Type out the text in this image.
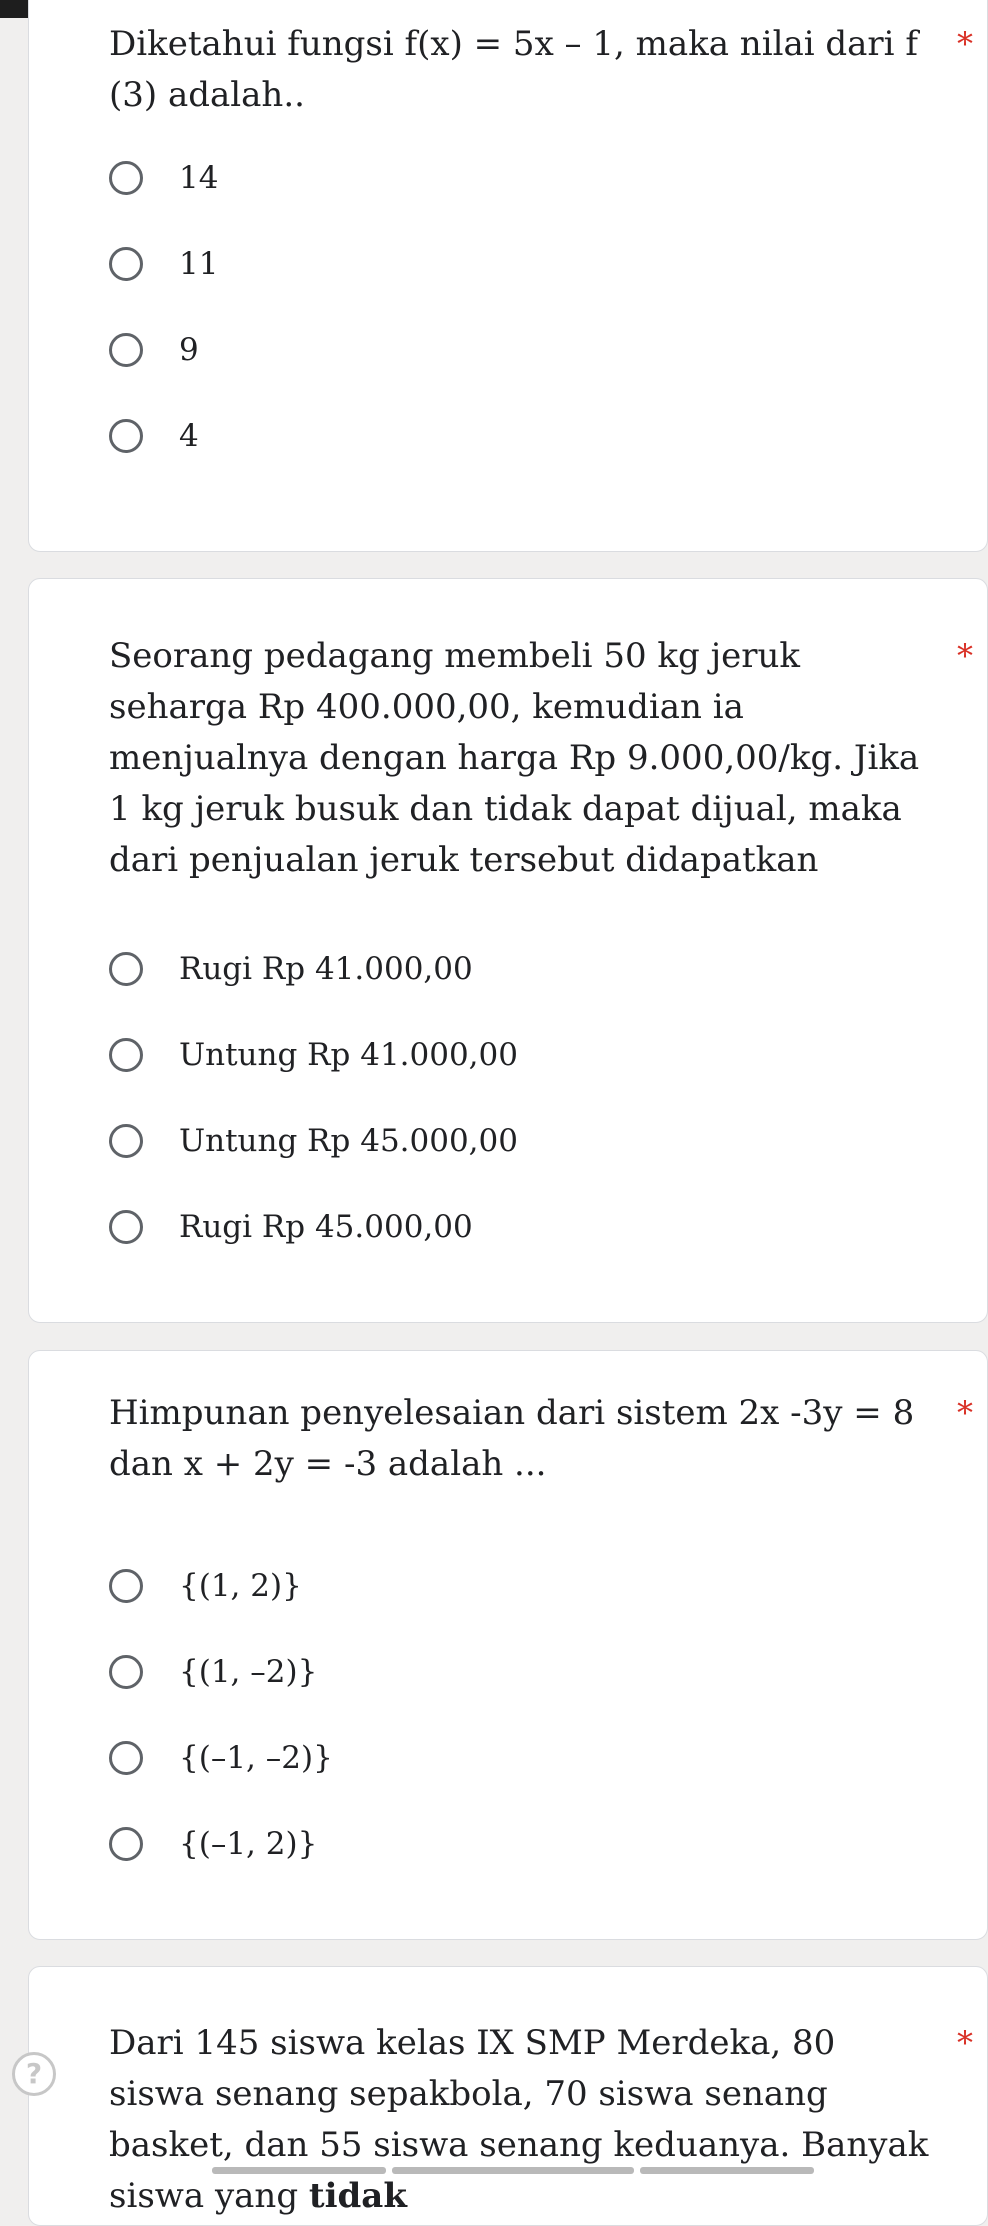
Diketahui fungsi f(x) = 5x – 1, maka nilai dari f (3) adalah..

*
14
11
9
4

Seorang pedagang membeli 50 kg jeruk seharga Rp 400.000,00, kemudian ia menjualnya dengan harga Rp 9.000,00/kg. Jika 1 kg jeruk busuk dan tidak dapat dijual, maka dari penjualan jeruk tersebut didapatkan

*
Rugi Rp 41.000,00
Untung Rp 41.000,00
Untung Rp 45.000,00
Rugi Rp 45.000,00

Himpunan penyelesaian dari sistem 2x -3y = 8 dan x + 2y = -3 adalah ...

*
{(1, 2)}
{(1, –2)}
{(–1, –2)}
{(–1, 2)}

Dari 145 siswa kelas IX SMP Merdeka, 80 siswa senang sepakbola, 70 siswa senang basket, dan 55 siswa senang keduanya. Banyak siswa yang tidak

*
?
